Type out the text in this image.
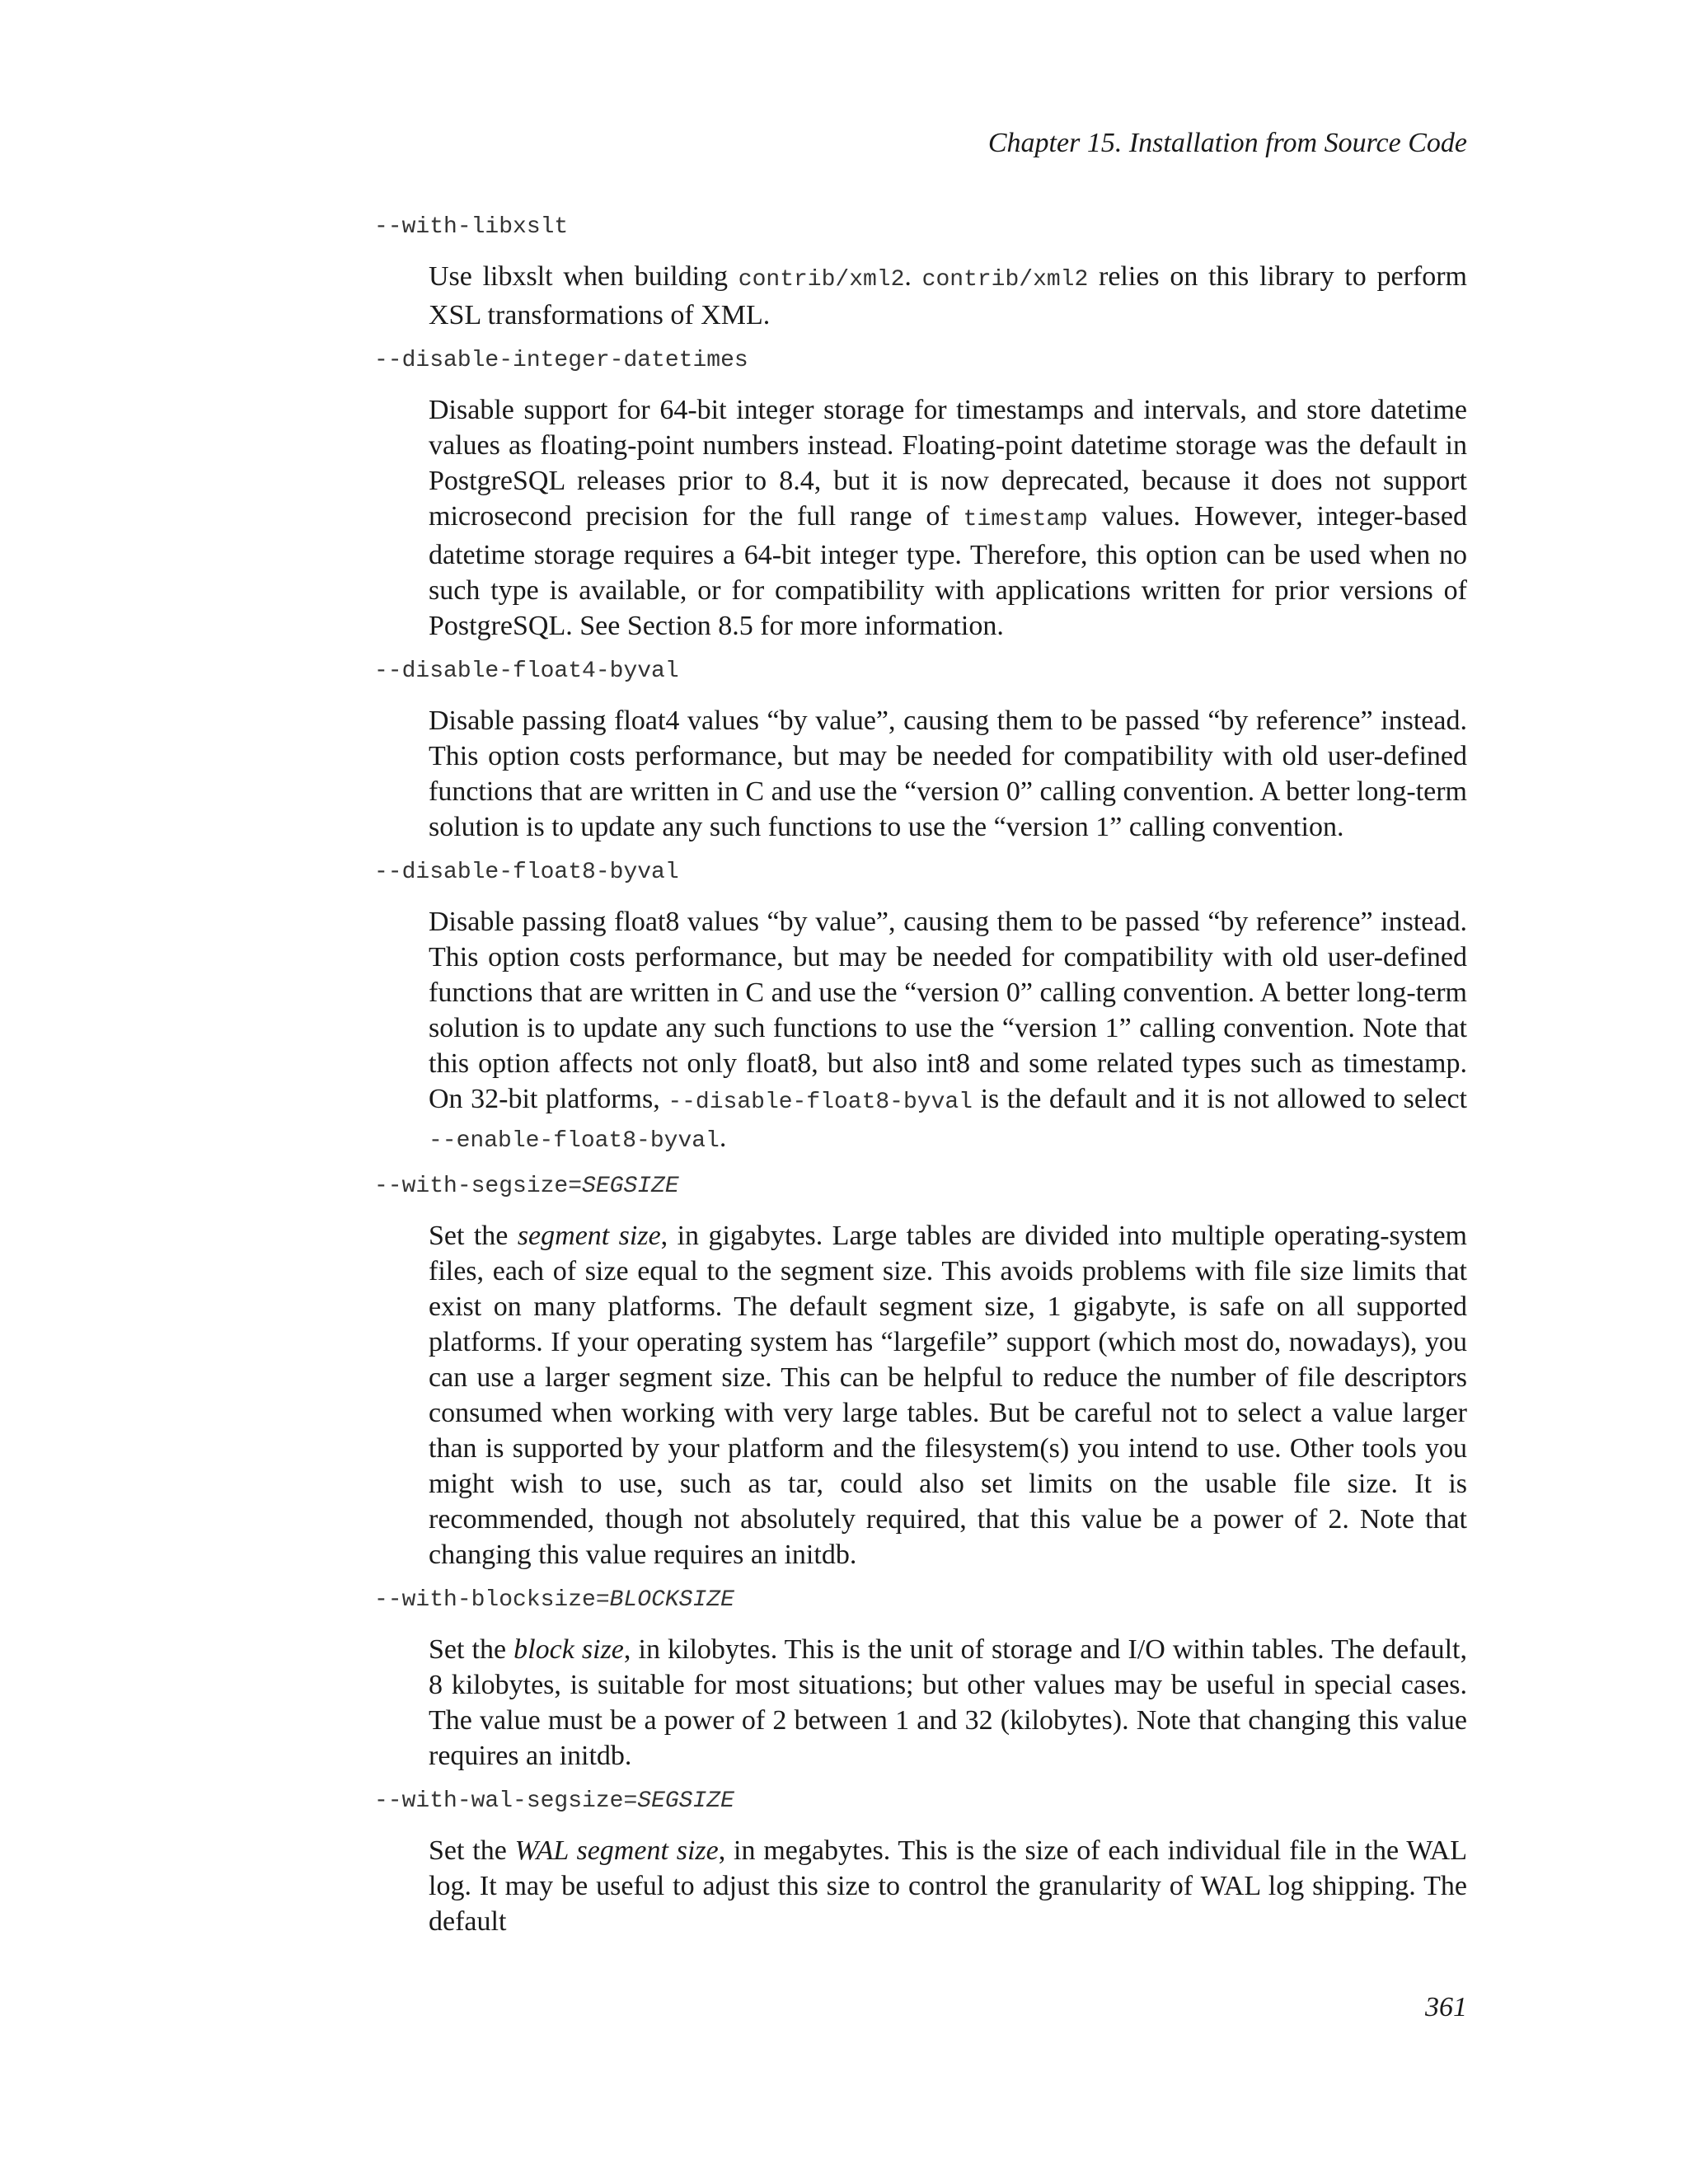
Chapter 15. Installation from Source Code
--with-libxslt
Use libxslt when building contrib/xml2. contrib/xml2 relies on this library to perform XSL transformations of XML.
--disable-integer-datetimes
Disable support for 64-bit integer storage for timestamps and intervals, and store datetime values as floating-point numbers instead. Floating-point datetime storage was the default in PostgreSQL releases prior to 8.4, but it is now deprecated, because it does not support microsecond precision for the full range of timestamp values. However, integer-based datetime storage requires a 64-bit integer type. Therefore, this option can be used when no such type is available, or for compatibility with applications written for prior versions of PostgreSQL. See Section 8.5 for more information.
--disable-float4-byval
Disable passing float4 values “by value”, causing them to be passed “by reference” instead. This option costs performance, but may be needed for compatibility with old user-defined functions that are written in C and use the “version 0” calling convention. A better long-term solution is to update any such functions to use the “version 1” calling convention.
--disable-float8-byval
Disable passing float8 values “by value”, causing them to be passed “by reference” instead. This option costs performance, but may be needed for compatibility with old user-defined functions that are written in C and use the “version 0” calling convention. A better long-term solution is to update any such functions to use the “version 1” calling convention. Note that this option affects not only float8, but also int8 and some related types such as timestamp. On 32-bit platforms, --disable-float8-byval is the default and it is not allowed to select --enable-float8-byval.
--with-segsize=SEGSIZE
Set the segment size, in gigabytes. Large tables are divided into multiple operating-system files, each of size equal to the segment size. This avoids problems with file size limits that exist on many platforms. The default segment size, 1 gigabyte, is safe on all supported platforms. If your operating system has “largefile” support (which most do, nowadays), you can use a larger segment size. This can be helpful to reduce the number of file descriptors consumed when working with very large tables. But be careful not to select a value larger than is supported by your platform and the filesystem(s) you intend to use. Other tools you might wish to use, such as tar, could also set limits on the usable file size. It is recommended, though not absolutely required, that this value be a power of 2. Note that changing this value requires an initdb.
--with-blocksize=BLOCKSIZE
Set the block size, in kilobytes. This is the unit of storage and I/O within tables. The default, 8 kilobytes, is suitable for most situations; but other values may be useful in special cases. The value must be a power of 2 between 1 and 32 (kilobytes). Note that changing this value requires an initdb.
--with-wal-segsize=SEGSIZE
Set the WAL segment size, in megabytes. This is the size of each individual file in the WAL log. It may be useful to adjust this size to control the granularity of WAL log shipping. The default
361
